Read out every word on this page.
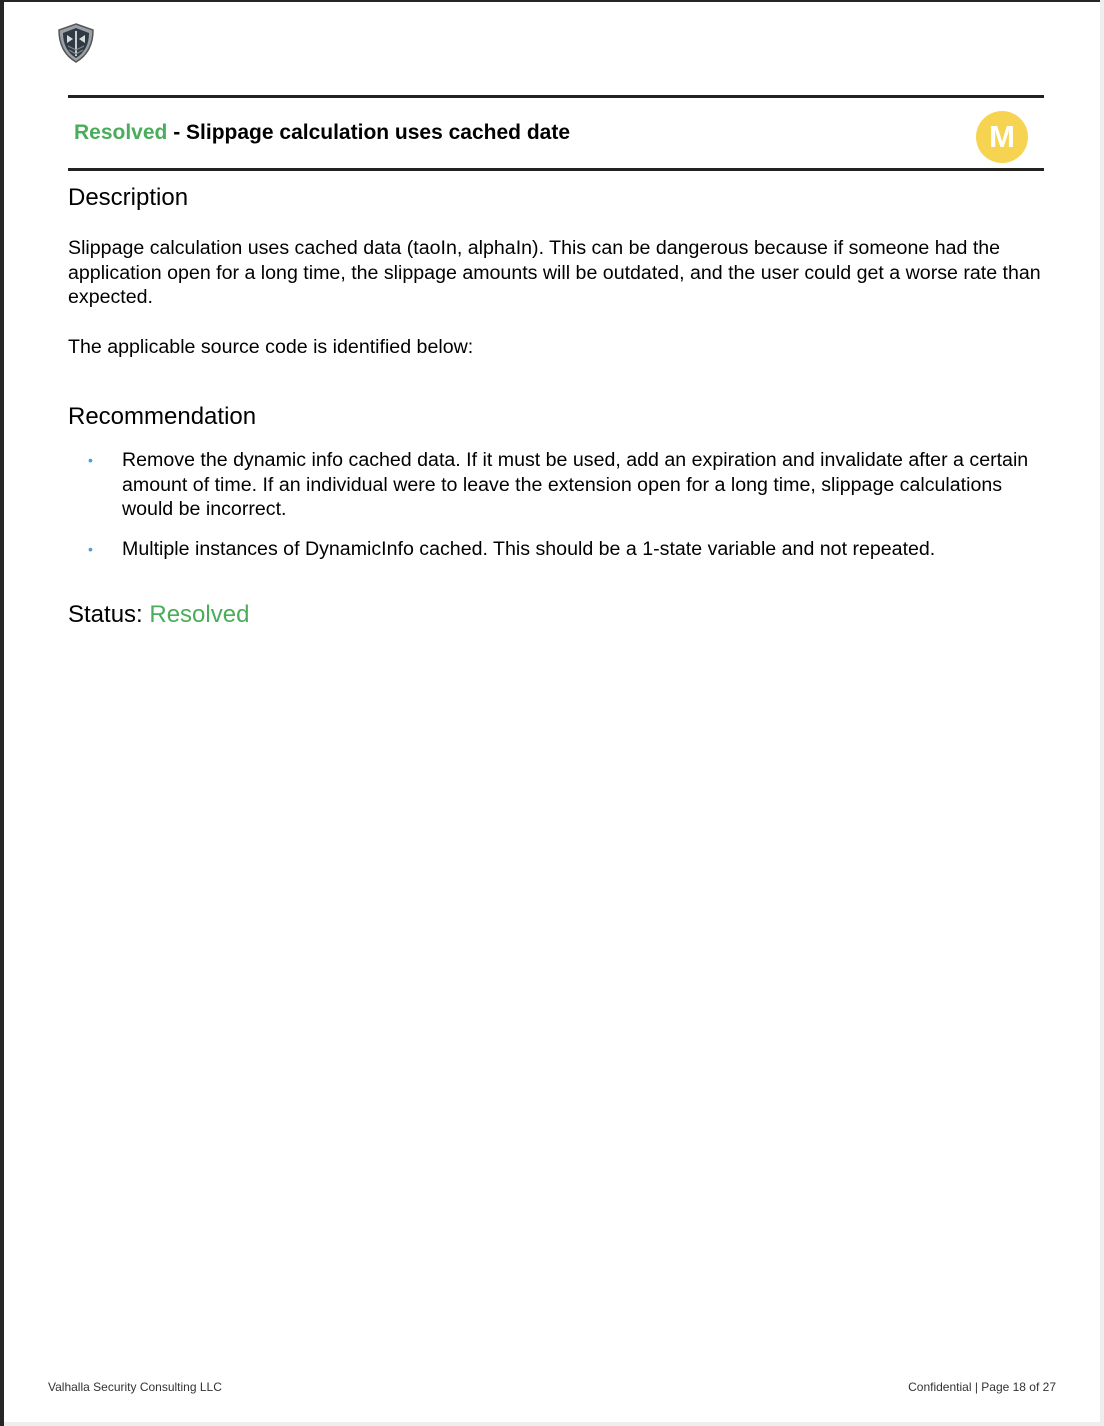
Resolved - Slippage calculation uses cached date	M
Description
Slippage calculation uses cached data (taoIn, alphaIn). This can be dangerous because if someone had the application open for a long time, the slippage amounts will be outdated, and the user could get a worse rate than expected.
The applicable source code is identified below:
Recommendation
• Remove the dynamic info cached data. If it must be used, add an expiration and invalidate after a certain amount of time. If an individual were to leave the extension open for a long time, slippage calculations would be incorrect.
• Multiple instances of DynamicInfo cached. This should be a 1-state variable and not repeated.
Status: Resolved
Valhalla Security Consulting LLC	Confidential | Page 18 of 27
